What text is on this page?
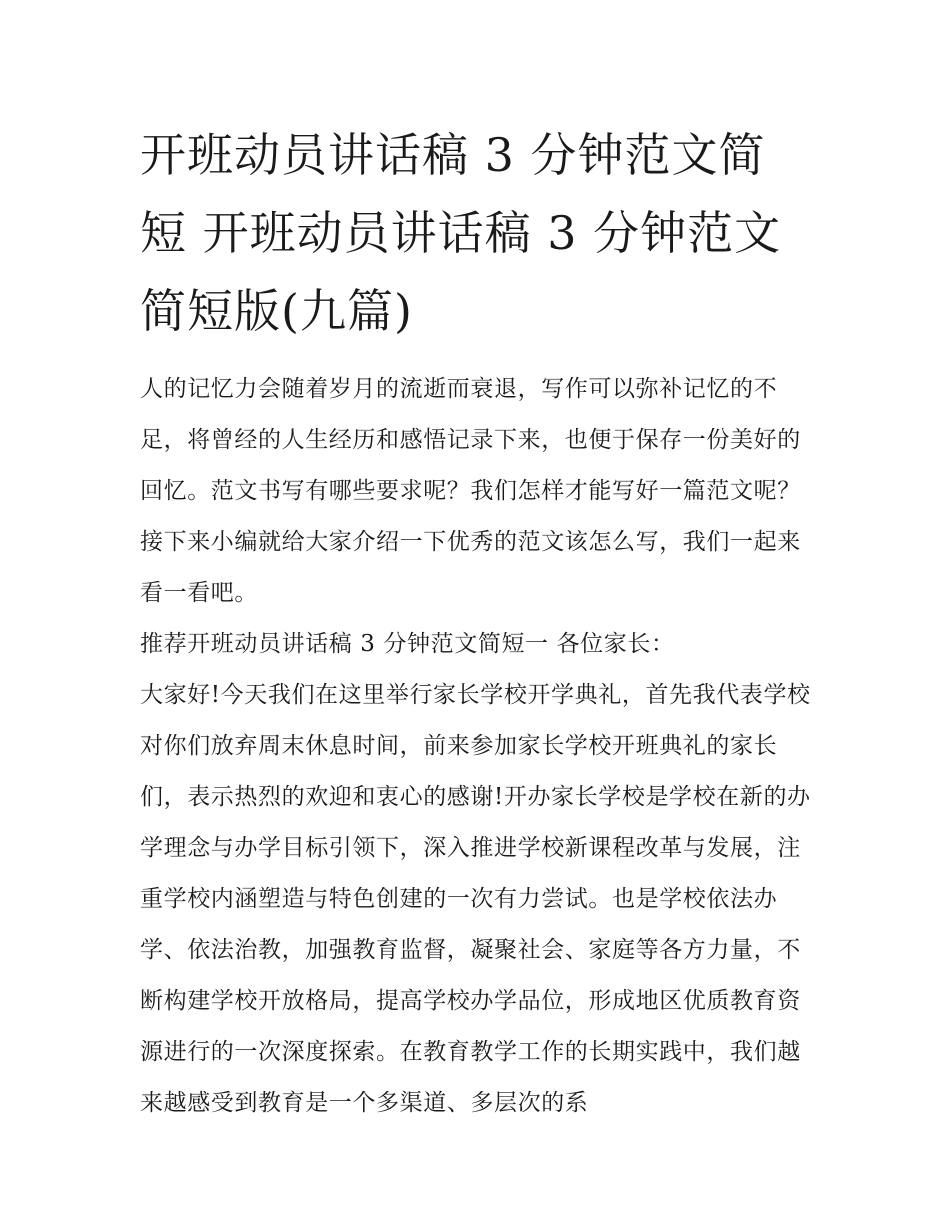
开班动员讲话稿 3 分钟范文简短 开班动员讲话稿 3 分钟范文简短版(九篇)

人的记忆力会随着岁月的流逝而衰退，写作可以弥补记忆的不足，将曾经的人生经历和感悟记录下来，也便于保存一份美好的回忆。范文书写有哪些要求呢？我们怎样才能写好一篇范文呢？接下来小编就给大家介绍一下优秀的范文该怎么写，我们一起来看一看吧。

推荐开班动员讲话稿 3 分钟范文简短一 各位家长：

大家好!今天我们在这里举行家长学校开学典礼，首先我代表学校对你们放弃周末休息时间，前来参加家长学校开班典礼的家长们，表示热烈的欢迎和衷心的感谢!开办家长学校是学校在新的办学理念与办学目标引领下，深入推进学校新课程改革与发展，注重学校内涵塑造与特色创建的一次有力尝试。也是学校依法办学、依法治教，加强教育监督，凝聚社会、家庭等各方力量，不断构建学校开放格局，提高学校办学品位，形成地区优质教育资源进行的一次深度探索。在教育教学工作的长期实践中，我们越来越感受到教育是一个多渠道、多层次的系
